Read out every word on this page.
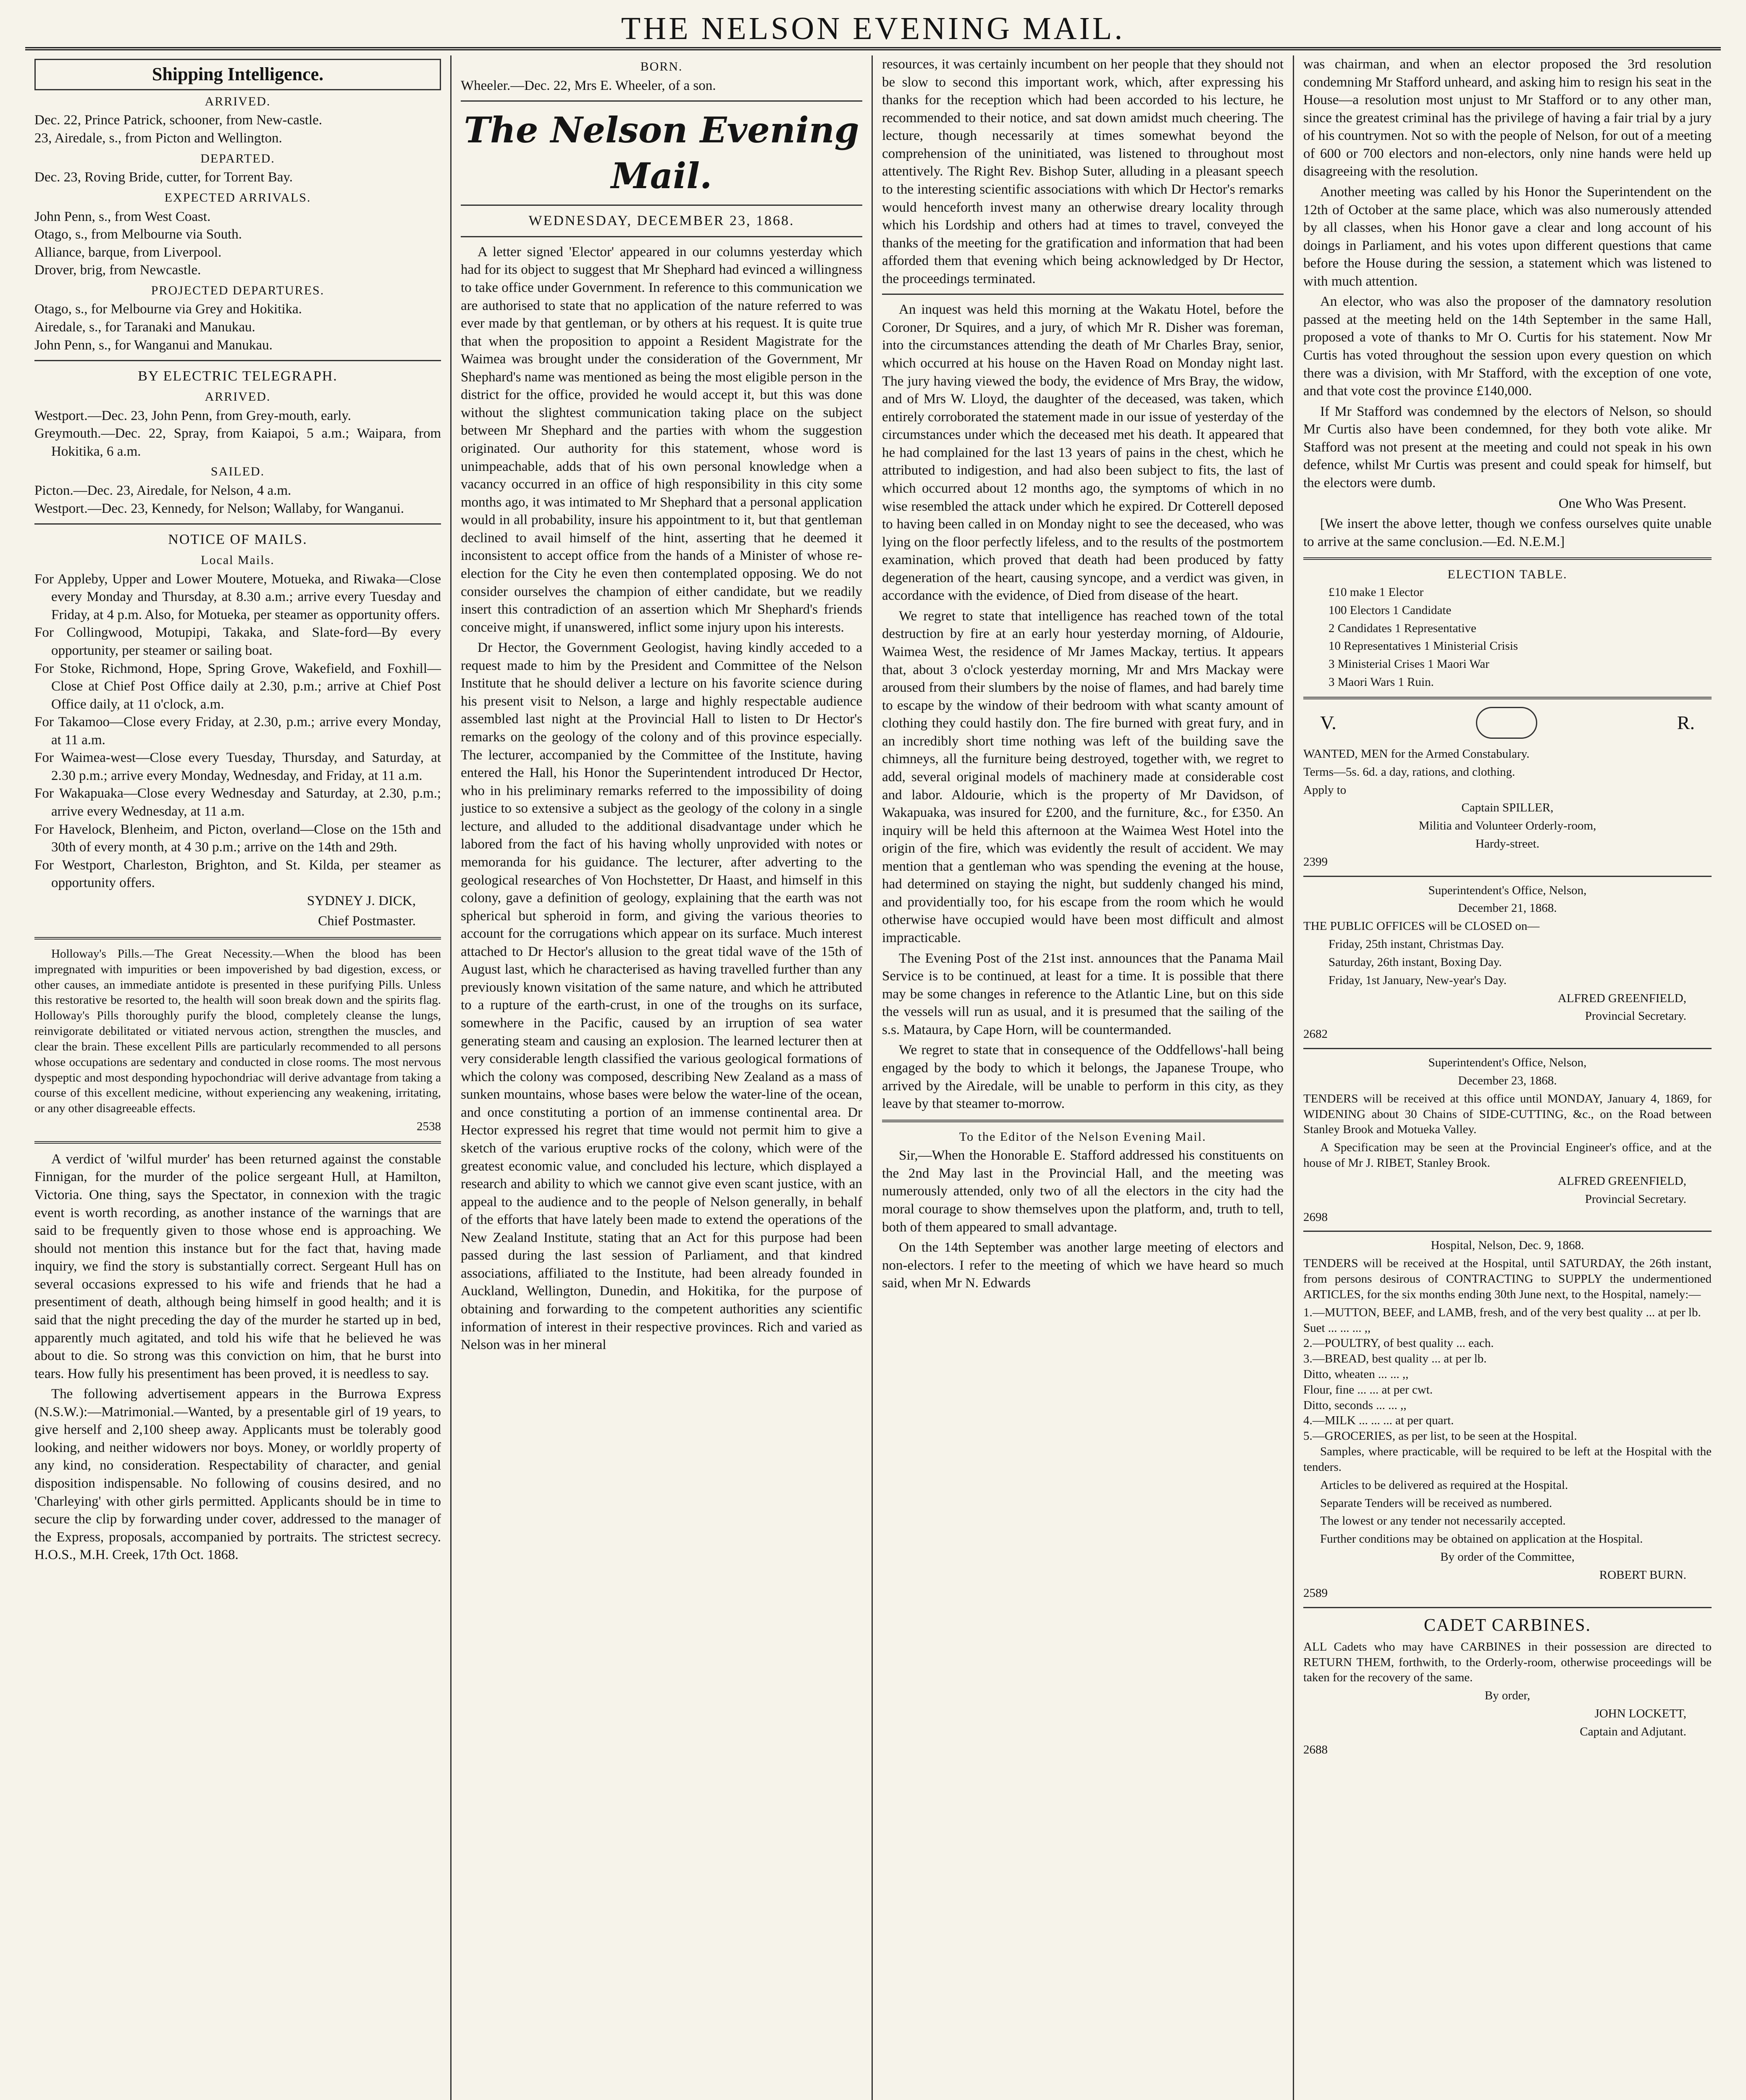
THE NELSON EVENING MAIL.
Shipping Intelligence.
ARRIVED.

Dec. 22, Prince Patrick, schooner, from New-castle.

23, Airedale, s., from Picton and Wellington.

DEPARTED.

Dec. 23, Roving Bride, cutter, for Torrent Bay.

EXPECTED ARRIVALS.

John Penn, s., from West Coast.

Otago, s., from Melbourne via South.

Alliance, barque, from Liverpool.

Drover, brig, from Newcastle.

PROJECTED DEPARTURES.

Otago, s., for Melbourne via Grey and Hokitika.

Airedale, s., for Taranaki and Manukau.

John Penn, s., for Wanganui and Manukau.

BY ELECTRIC TELEGRAPH.
ARRIVED.

Westport.—Dec. 23, John Penn, from Grey-mouth, early.

Greymouth.—Dec. 22, Spray, from Kaiapoi, 5 a.m.; Waipara, from Hokitika, 6 a.m.

SAILED.

Picton.—Dec. 23, Airedale, for Nelson, 4 a.m.

Westport.—Dec. 23, Kennedy, for Nelson; Wallaby, for Wanganui.

NOTICE OF MAILS.
Local Mails.

For Appleby, Upper and Lower Moutere, Motueka, and Riwaka—Close every Monday and Thursday, at 8.30 a.m.; arrive every Tuesday and Friday, at 4 p.m. Also, for Motueka, per steamer as opportunity offers.

For Collingwood, Motupipi, Takaka, and Slate-ford—By every opportunity, per steamer or sailing boat.

For Stoke, Richmond, Hope, Spring Grove, Wakefield, and Foxhill—Close at Chief Post Office daily at 2.30, p.m.; arrive at Chief Post Office daily, at 11 o'clock, a.m.

For Takamoo—Close every Friday, at 2.30, p.m.; arrive every Monday, at 11 a.m.

For Waimea-west—Close every Tuesday, Thursday, and Saturday, at 2.30 p.m.; arrive every Monday, Wednesday, and Friday, at 11 a.m.

For Wakapuaka—Close every Wednesday and Saturday, at 2.30, p.m.; arrive every Wednesday, at 11 a.m.

For Havelock, Blenheim, and Picton, overland—Close on the 15th and 30th of every month, at 4 30 p.m.; arrive on the 14th and 29th.

For Westport, Charleston, Brighton, and St. Kilda, per steamer as opportunity offers.

SYDNEY J. DICK,

Chief Postmaster.

Holloway's Pills.—The Great Necessity.—When the blood has been impregnated with impurities or been impoverished by bad digestion, excess, or other causes, an immediate antidote is presented in these purifying Pills. Unless this restorative be resorted to, the health will soon break down and the spirits flag. Holloway's Pills thoroughly purify the blood, completely cleanse the lungs, reinvigorate debilitated or vitiated nervous action, strengthen the muscles, and clear the brain. These excellent Pills are particularly recommended to all persons whose occupations are sedentary and conducted in close rooms. The most nervous dyspeptic and most desponding hypochondriac will derive advantage from taking a course of this excellent medicine, without experiencing any weakening, irritating, or any other disagreeable effects.

2538

A verdict of 'wilful murder' has been returned against the constable Finnigan, for the murder of the police sergeant Hull, at Hamilton, Victoria. One thing, says the Spectator, in connexion with the tragic event is worth recording, as another instance of the warnings that are said to be frequently given to those whose end is approaching. We should not mention this instance but for the fact that, having made inquiry, we find the story is substantially correct. Sergeant Hull has on several occasions expressed to his wife and friends that he had a presentiment of death, although being himself in good health; and it is said that the night preceding the day of the murder he started up in bed, apparently much agitated, and told his wife that he believed he was about to die. So strong was this conviction on him, that he burst into tears. How fully his presentiment has been proved, it is needless to say.

The following advertisement appears in the Burrowa Express (N.S.W.):—Matrimonial.—Wanted, by a presentable girl of 19 years, to give herself and 2,100 sheep away. Applicants must be tolerably good looking, and neither widowers nor boys. Money, or worldly property of any kind, no consideration. Respectability of character, and genial disposition indispensable. No following of cousins desired, and no 'Charleying' with other girls permitted. Applicants should be in time to secure the clip by forwarding under cover, addressed to the manager of the Express, proposals, accompanied by portraits. The strictest secrecy. H.O.S., M.H. Creek, 17th Oct. 1868.

BORN.

Wheeler.—Dec. 22, Mrs E. Wheeler, of a son.

The Nelson Evening Mail.
WEDNESDAY, DECEMBER 23, 1868.

A letter signed 'Elector' appeared in our columns yesterday which had for its object to suggest that Mr Shephard had evinced a willingness to take office under Government. In reference to this communication we are authorised to state that no application of the nature referred to was ever made by that gentleman, or by others at his request. It is quite true that when the proposition to appoint a Resident Magistrate for the Waimea was brought under the consideration of the Government, Mr Shephard's name was mentioned as being the most eligible person in the district for the office, provided he would accept it, but this was done without the slightest communication taking place on the subject between Mr Shephard and the parties with whom the suggestion originated. Our authority for this statement, whose word is unimpeachable, adds that of his own personal knowledge when a vacancy occurred in an office of high responsibility in this city some months ago, it was intimated to Mr Shephard that a personal application would in all probability, insure his appointment to it, but that gentleman declined to avail himself of the hint, asserting that he deemed it inconsistent to accept office from the hands of a Minister of whose re-election for the City he even then contemplated opposing. We do not consider ourselves the champion of either candidate, but we readily insert this contradiction of an assertion which Mr Shephard's friends conceive might, if unanswered, inflict some injury upon his interests.

Dr Hector, the Government Geologist, having kindly acceded to a request made to him by the President and Committee of the Nelson Institute that he should deliver a lecture on his favorite science during his present visit to Nelson, a large and highly respectable audience assembled last night at the Provincial Hall to listen to Dr Hector's remarks on the geology of the colony and of this province especially. The lecturer, accompanied by the Committee of the Institute, having entered the Hall, his Honor the Superintendent introduced Dr Hector, who in his preliminary remarks referred to the impossibility of doing justice to so extensive a subject as the geology of the colony in a single lecture, and alluded to the additional disadvantage under which he labored from the fact of his having wholly unprovided with notes or memoranda for his guidance. The lecturer, after adverting to the geological researches of Von Hochstetter, Dr Haast, and himself in this colony, gave a definition of geology, explaining that the earth was not spherical but spheroid in form, and giving the various theories to account for the corrugations which appear on its surface. Much interest attached to Dr Hector's allusion to the great tidal wave of the 15th of August last, which he characterised as having travelled further than any previously known visitation of the same nature, and which he attributed to a rupture of the earth-crust, in one of the troughs on its surface, somewhere in the Pacific, caused by an irruption of sea water generating steam and causing an explosion. The learned lecturer then at very considerable length classified the various geological formations of which the colony was composed, describing New Zealand as a mass of sunken mountains, whose bases were below the water-line of the ocean, and once constituting a portion of an immense continental area. Dr Hector expressed his regret that time would not permit him to give a sketch of the various eruptive rocks of the colony, which were of the greatest economic value, and concluded his lecture, which displayed a research and ability to which we cannot give even scant justice, with an appeal to the audience and to the people of Nelson generally, in behalf of the efforts that have lately been made to extend the operations of the New Zealand Institute, stating that an Act for this purpose had been passed during the last session of Parliament, and that kindred associations, affiliated to the Institute, had been already founded in Auckland, Wellington, Dunedin, and Hokitika, for the purpose of obtaining and forwarding to the competent authorities any scientific information of interest in their respective provinces. Rich and varied as Nelson was in her mineral

resources, it was certainly incumbent on her people that they should not be slow to second this important work, which, after expressing his thanks for the reception which had been accorded to his lecture, he recommended to their notice, and sat down amidst much cheering. The lecture, though necessarily at times somewhat beyond the comprehension of the uninitiated, was listened to throughout most attentively. The Right Rev. Bishop Suter, alluding in a pleasant speech to the interesting scientific associations with which Dr Hector's remarks would henceforth invest many an otherwise dreary locality through which his Lordship and others had at times to travel, conveyed the thanks of the meeting for the gratification and information that had been afforded them that evening which being acknowledged by Dr Hector, the proceedings terminated.

An inquest was held this morning at the Wakatu Hotel, before the Coroner, Dr Squires, and a jury, of which Mr R. Disher was foreman, into the circumstances attending the death of Mr Charles Bray, senior, which occurred at his house on the Haven Road on Monday night last. The jury having viewed the body, the evidence of Mrs Bray, the widow, and of Mrs W. Lloyd, the daughter of the deceased, was taken, which entirely corroborated the statement made in our issue of yesterday of the circumstances under which the deceased met his death. It appeared that he had complained for the last 13 years of pains in the chest, which he attributed to indigestion, and had also been subject to fits, the last of which occurred about 12 months ago, the symptoms of which in no wise resembled the attack under which he expired. Dr Cotterell deposed to having been called in on Monday night to see the deceased, who was lying on the floor perfectly lifeless, and to the results of the postmortem examination, which proved that death had been produced by fatty degeneration of the heart, causing syncope, and a verdict was given, in accordance with the evidence, of Died from disease of the heart.

We regret to state that intelligence has reached town of the total destruction by fire at an early hour yesterday morning, of Aldourie, Waimea West, the residence of Mr James Mackay, tertius. It appears that, about 3 o'clock yesterday morning, Mr and Mrs Mackay were aroused from their slumbers by the noise of flames, and had barely time to escape by the window of their bedroom with what scanty amount of clothing they could hastily don. The fire burned with great fury, and in an incredibly short time nothing was left of the building save the chimneys, all the furniture being destroyed, together with, we regret to add, several original models of machinery made at considerable cost and labor. Aldourie, which is the property of Mr Davidson, of Wakapuaka, was insured for £200, and the furniture, &c., for £350. An inquiry will be held this afternoon at the Waimea West Hotel into the origin of the fire, which was evidently the result of accident. We may mention that a gentleman who was spending the evening at the house, had determined on staying the night, but suddenly changed his mind, and providentially too, for his escape from the room which he would otherwise have occupied would have been most difficult and almost impracticable.

The Evening Post of the 21st inst. announces that the Panama Mail Service is to be continued, at least for a time. It is possible that there may be some changes in reference to the Atlantic Line, but on this side the vessels will run as usual, and it is presumed that the sailing of the s.s. Mataura, by Cape Horn, will be countermanded.

We regret to state that in consequence of the Oddfellows'-hall being engaged by the body to which it belongs, the Japanese Troupe, who arrived by the Airedale, will be unable to perform in this city, as they leave by that steamer to-morrow.

To the Editor of the Nelson Evening Mail.

Sir,—When the Honorable E. Stafford addressed his constituents on the 2nd May last in the Provincial Hall, and the meeting was numerously attended, only two of all the electors in the city had the moral courage to show themselves upon the platform, and, truth to tell, both of them appeared to small advantage.

On the 14th September was another large meeting of electors and non-electors. I refer to the meeting of which we have heard so much said, when Mr N. Edwards

was chairman, and when an elector proposed the 3rd resolution condemning Mr Stafford unheard, and asking him to resign his seat in the House—a resolution most unjust to Mr Stafford or to any other man, since the greatest criminal has the privilege of having a fair trial by a jury of his countrymen. Not so with the people of Nelson, for out of a meeting of 600 or 700 electors and non-electors, only nine hands were held up disagreeing with the resolution.

Another meeting was called by his Honor the Superintendent on the 12th of October at the same place, which was also numerously attended by all classes, when his Honor gave a clear and long account of his doings in Parliament, and his votes upon different questions that came before the House during the session, a statement which was listened to with much attention.

An elector, who was also the proposer of the damnatory resolution passed at the meeting held on the 14th September in the same Hall, proposed a vote of thanks to Mr O. Curtis for his statement. Now Mr Curtis has voted throughout the session upon every question on which there was a division, with Mr Stafford, with the exception of one vote, and that vote cost the province £140,000.

If Mr Stafford was condemned by the electors of Nelson, so should Mr Curtis also have been condemned, for they both vote alike. Mr Stafford was not present at the meeting and could not speak in his own defence, whilst Mr Curtis was present and could speak for himself, but the electors were dumb.

One Who Was Present.

[We insert the above letter, though we confess ourselves quite unable to arrive at the same conclusion.—Ed. N.E.M.]

ELECTION TABLE.

£10 make 1 Elector

100 Electors 1 Candidate

2 Candidates 1 Representative

10 Representatives 1 Ministerial Crisis

3 Ministerial Crises 1 Maori War

3 Maori Wars 1 Ruin.

V.	R.

WANTED, MEN for the Armed Constabulary.

Terms—5s. 6d. a day, rations, and clothing.

Apply to

Captain SPILLER,

Militia and Volunteer Orderly-room,

Hardy-street.

2399

Superintendent's Office, Nelson,

December 21, 1868.

THE PUBLIC OFFICES will be CLOSED on—

Friday, 25th instant, Christmas Day.

Saturday, 26th instant, Boxing Day.

Friday, 1st January, New-year's Day.

ALFRED GREENFIELD,

Provincial Secretary.

2682

Superintendent's Office, Nelson,

December 23, 1868.

TENDERS will be received at this office until MONDAY, January 4, 1869, for WIDENING about 30 Chains of SIDE-CUTTING, &c., on the Road between Stanley Brook and Motueka Valley.

A Specification may be seen at the Provincial Engineer's office, and at the house of Mr J. RIBET, Stanley Brook.

ALFRED GREENFIELD,

Provincial Secretary.

2698

Hospital, Nelson, Dec. 9, 1868.

TENDERS will be received at the Hospital, until SATURDAY, the 26th instant, from persons desirous of CONTRACTING to SUPPLY the undermentioned ARTICLES, for the six months ending 30th June next, to the Hospital, namely:—

1.—MUTTON, BEEF, and LAMB, fresh, and of the very best quality ... at per lb.

Suet ... ... ... ,,

2.—POULTRY, of best quality ... each.

3.—BREAD, best quality ... at per lb.

Ditto, wheaten ... ... ,,

Flour, fine ... ... at per cwt.

Ditto, seconds ... ... ,,

4.—MILK ... ... ... at per quart.

5.—GROCERIES, as per list, to be seen at the Hospital.

Samples, where practicable, will be required to be left at the Hospital with the tenders.

Articles to be delivered as required at the Hospital.

Separate Tenders will be received as numbered.

The lowest or any tender not necessarily accepted.

Further conditions may be obtained on application at the Hospital.

By order of the Committee,

ROBERT BURN.

2589

CADET CARBINES.

ALL Cadets who may have CARBINES in their possession are directed to RETURN THEM, forthwith, to the Orderly-room, otherwise proceedings will be taken for the recovery of the same.

By order,

JOHN LOCKETT,

Captain and Adjutant.

2688
